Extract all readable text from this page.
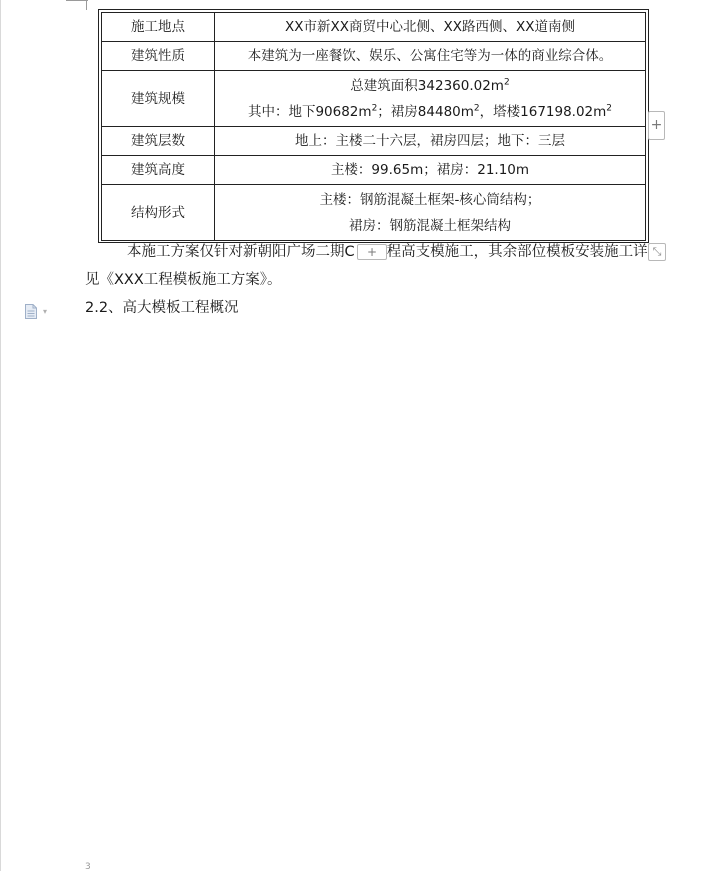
施工地点	XX市新XX商贸中心北侧、XX路西侧、XX道南侧
建筑性质	本建筑为一座餐饮、娱乐、公寓住宅等为一体的商业综合体。
建筑规模	总建筑面积$342360.02m^2$
其中：地下$90682m^2$；裙房$84480m^2$，塔楼$167198.02m^2$

建筑层数	地上：主楼二十六层，裙房四层；地下：三层
建筑高度	主楼：99.65m；裙房：21.10m
结构形式	主楼：钢筋混凝土框架-核心筒结构；
裙房：钢筋混凝土框架结构
+
本施工方案仅针对新朝阳广场二期C 程高支模施工，其余部位模板安装施工详
+	⤡
见《XXX工程模板施工方案》。
▾	2.2、高大模板工程概况
3
